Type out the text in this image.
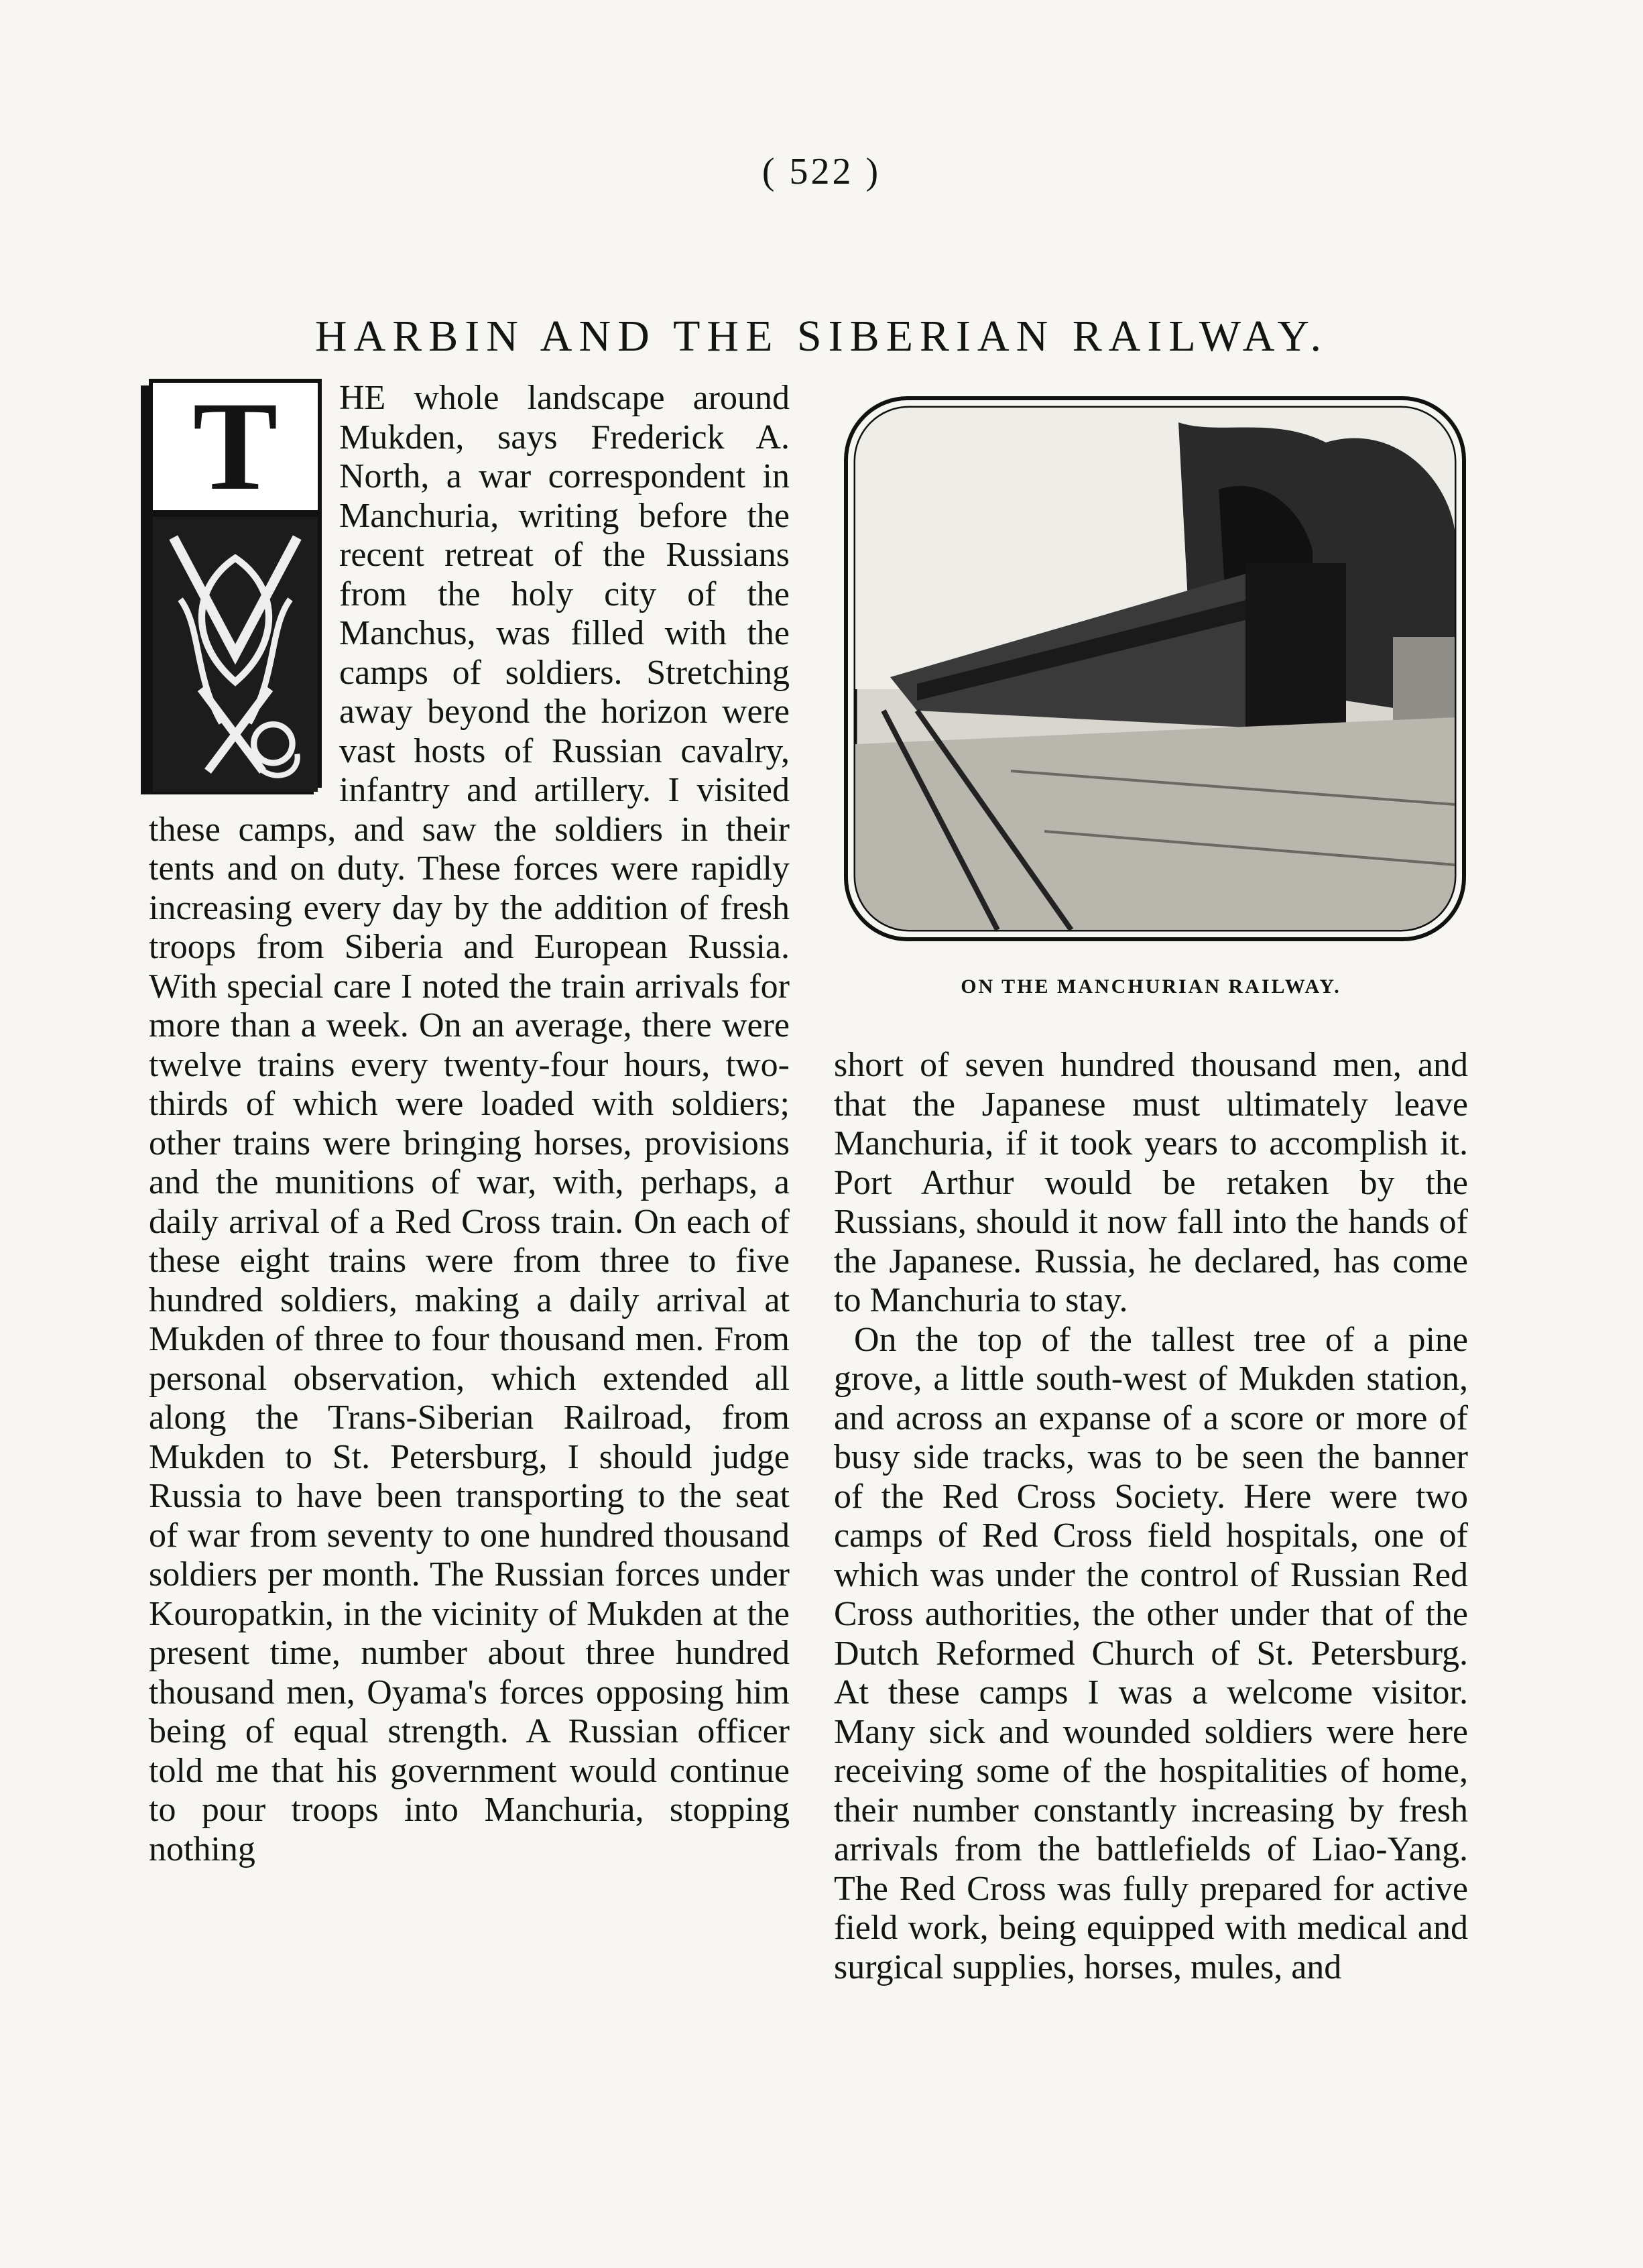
( 522 )
HARBIN AND THE SIBERIAN RAILWAY.
T	HE whole landscape around Mukden, says Frederick A. North, a war correspondent in Manchuria, writing before the recent retreat of the Russians from the holy city of the Manchus, was filled with the camps of soldiers. Stretching away beyond the horizon were vast hosts of Russian cavalry, infantry and artillery. I visited these camps, and saw the soldiers in their tents and on duty. These forces were rapidly increasing every day by the addition of fresh troops from Siberia and European Russia. With special care I noted the train arrivals for more than a week. On an average, there were twelve trains every twenty-four hours, two-thirds of which were loaded with soldiers; other trains were bringing horses, provisions and the munitions of war, with, perhaps, a daily arrival of a Red Cross train. On each of these eight trains were from three to five hundred soldiers, making a daily arrival at Mukden of three to four thousand men. From personal observation, which extended all along the Trans-Siberian Railroad, from Mukden to St. Petersburg, I should judge Russia to have been transporting to the seat of war from seventy to one hundred thousand soldiers per month. The Russian forces under Kouropatkin, in the vicinity of Mukden at the present time, number about three hundred thousand men, Oyama's forces opposing him being of equal strength. A Russian officer told me that his government would continue to pour troops into Manchuria, stopping nothing

ON THE MANCHURIAN RAILWAY.

short of seven hundred thousand men, and that the Japanese must ultimately leave Manchuria, if it took years to accomplish it. Port Arthur would be retaken by the Russians, should it now fall into the hands of the Japanese. Russia, he declared, has come to Manchuria to stay.

On the top of the tallest tree of a pine grove, a little south-west of Mukden station, and across an expanse of a score or more of busy side tracks, was to be seen the banner of the Red Cross Society. Here were two camps of Red Cross field hospitals, one of which was under the control of Russian Red Cross authorities, the other under that of the Dutch Reformed Church of St. Petersburg. At these camps I was a welcome visitor. Many sick and wounded soldiers were here receiving some of the hospitalities of home, their number constantly increasing by fresh arrivals from the battlefields of Liao-Yang. The Red Cross was fully prepared for active field work, being equipped with medical and surgical supplies, horses, mules, and
